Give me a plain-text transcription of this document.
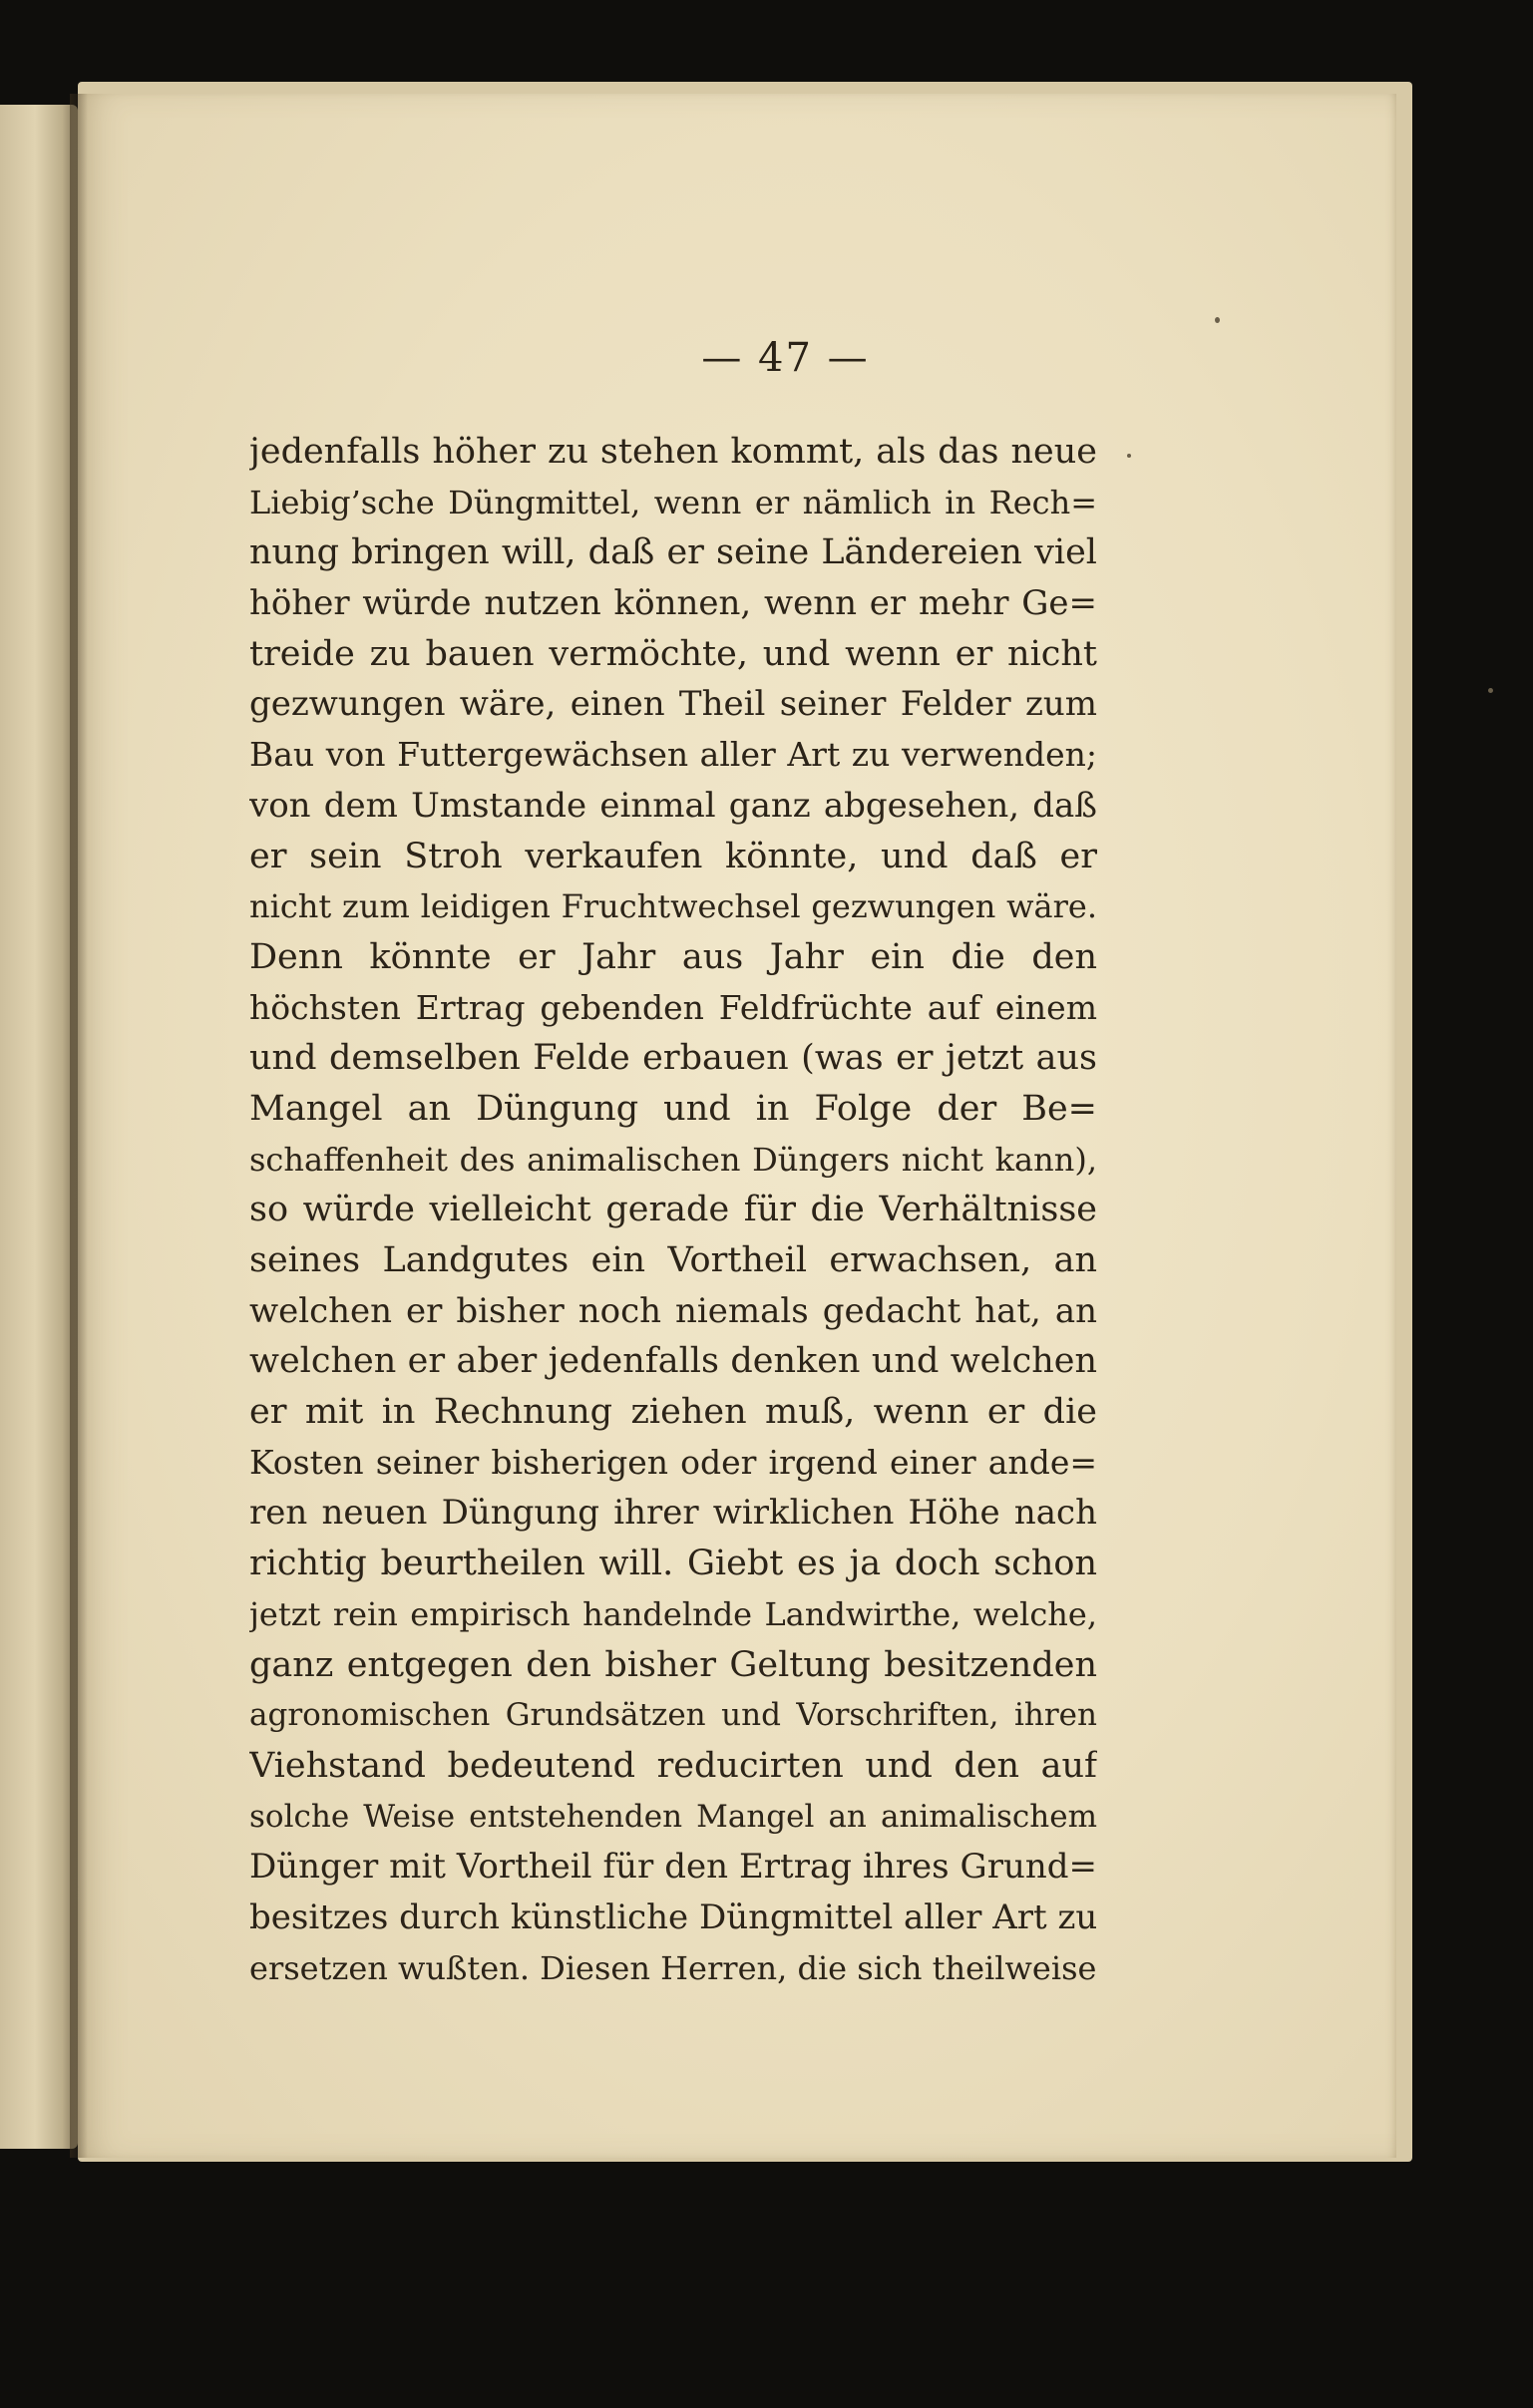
— 47 —
jedenfalls höher zu stehen kommt, als das neue
Liebig’sche Düngmittel, wenn er nämlich in Rech=
nung bringen will, daß er seine Ländereien viel
höher würde nutzen können, wenn er mehr Ge=
treide zu bauen vermöchte, und wenn er nicht
gezwungen wäre, einen Theil seiner Felder zum
Bau von Futtergewächsen aller Art zu verwenden;
von dem Umstande einmal ganz abgesehen, daß
er sein Stroh verkaufen könnte, und daß er
nicht zum leidigen Fruchtwechsel gezwungen wäre.
Denn könnte er Jahr aus Jahr ein die den
höchsten Ertrag gebenden Feldfrüchte auf einem
und demselben Felde erbauen (was er jetzt aus
Mangel an Düngung und in Folge der Be=
schaffenheit des animalischen Düngers nicht kann),
so würde vielleicht gerade für die Verhältnisse
seines Landgutes ein Vortheil erwachsen, an
welchen er bisher noch niemals gedacht hat, an
welchen er aber jedenfalls denken und welchen
er mit in Rechnung ziehen muß, wenn er die
Kosten seiner bisherigen oder irgend einer ande=
ren neuen Düngung ihrer wirklichen Höhe nach
richtig beurtheilen will. Giebt es ja doch schon
jetzt rein empirisch handelnde Landwirthe, welche,
ganz entgegen den bisher Geltung besitzenden
agronomischen Grundsätzen und Vorschriften, ihren
Viehstand bedeutend reducirten und den auf
solche Weise entstehenden Mangel an animalischem
Dünger mit Vortheil für den Ertrag ihres Grund=
besitzes durch künstliche Düngmittel aller Art zu
ersetzen wußten. Diesen Herren, die sich theilweise
